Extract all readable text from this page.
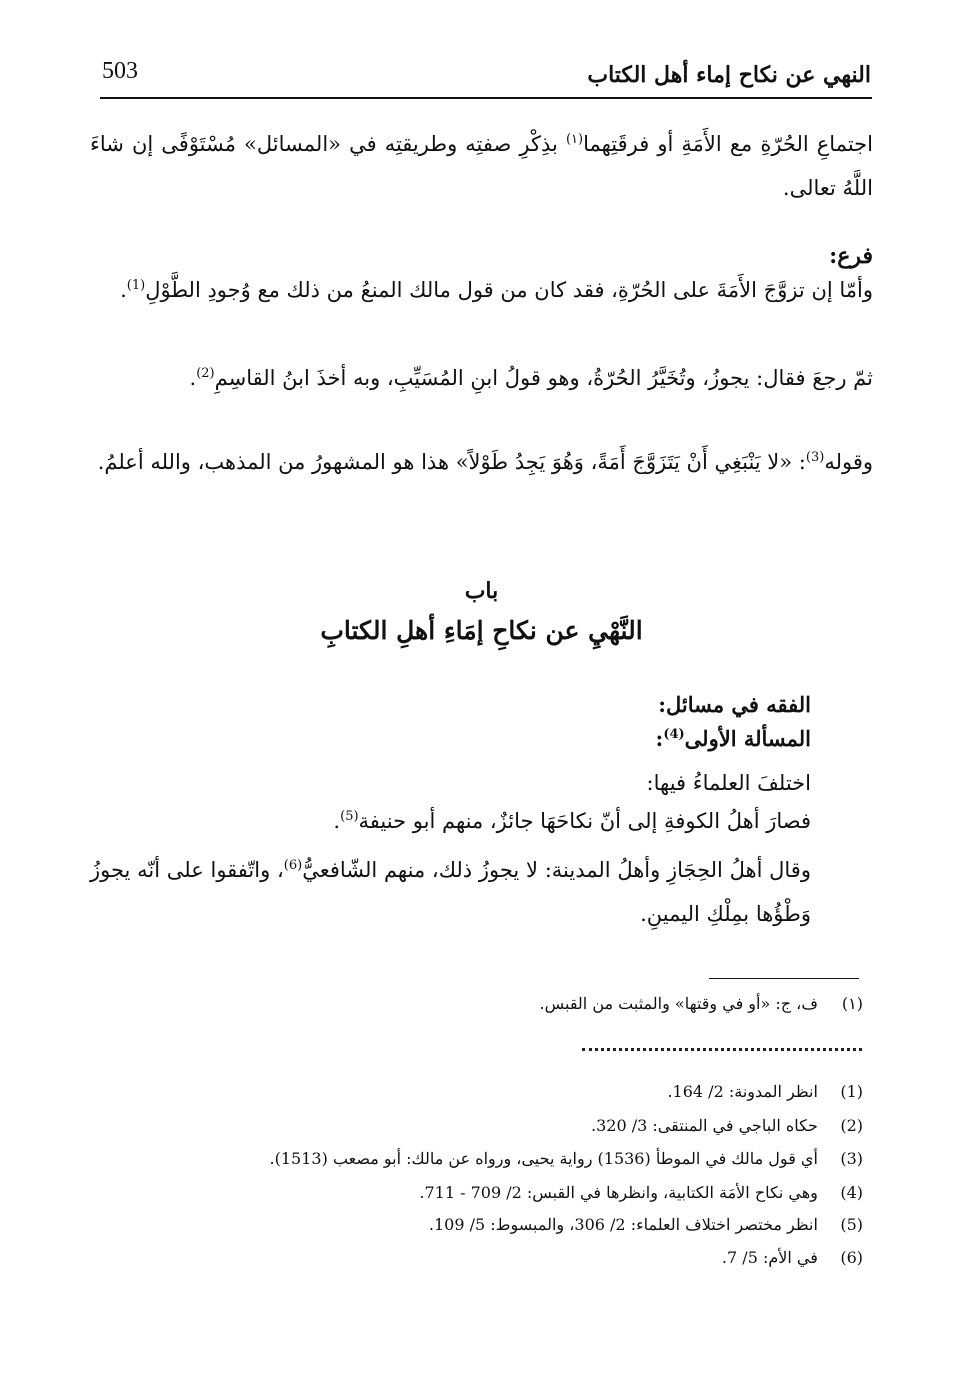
503	النهي عن نكاح إماء أهل الكتاب
اجتماعِ الحُرّةِ مع الأَمَةِ أو فرقَتِهما$^{(١)}$ بذِكْرِ صفتِه وطريقتِه في «المسائل» مُسْتَوْفًى إن شاءَ اللَّهُ تعالى.
فرع:
وأمّا إن تزوَّجَ الأَمَةَ على الحُرّةِ، فقد كان من قول مالك المنعُ من ذلك مع وُجودِ الطَّوْلِ$^{(1)}$.
ثمّ رجعَ فقال: يجوزُ، وتُخَيَّرُ الحُرّةُ، وهو قولُ ابنِ المُسَيِّبِ، وبه أخذَ ابنُ القاسِمِ$^{(2)}$.
وقوله$^{(3)}$: «لا يَنْبَغِي أَنْ يَتَزَوَّجَ أَمَةً، وَهُوَ يَجِدُ طَوْلاً» هذا هو المشهورُ من المذهب، والله أعلمُ.
باب
النَّهْيِ عن نكاحِ إمَاءِ أهلِ الكتابِ
الفقه في مسائل:
المسألة الأولى$^{(4)}$:
اختلفَ العلماءُ فيها:
فصارَ أهلُ الكوفةِ إلى أنّ نكاحَهَا جائزٌ، منهم أبو حنيفة$^{(5)}$.
وقال أهلُ الحِجَازِ وأهلُ المدينة: لا يجوزُ ذلك، منهم الشّافعيُّ$^{(6)}$، واتّفقوا على أنّه يجوزُ وَطْؤُها بمِلْكِ اليمينِ.
(١) ف، ج: «أو في وقتها» والمثبت من القبس.
(1) انظر المدونة: 2/ 164.
(2) حكاه الباجي في المنتقى: 3/ 320.
(3) أي قول مالك في الموطأ (1536) رواية يحيى، ورواه عن مالك: أبو مصعب (1513).
(4) وهي نكاح الأمَة الكتابية، وانظرها في القبس: 2/ 709 - 711.
(5) انظر مختصر اختلاف العلماء: 2/ 306، والمبسوط: 5/ 109.
(6) في الأم: 5/ 7.
